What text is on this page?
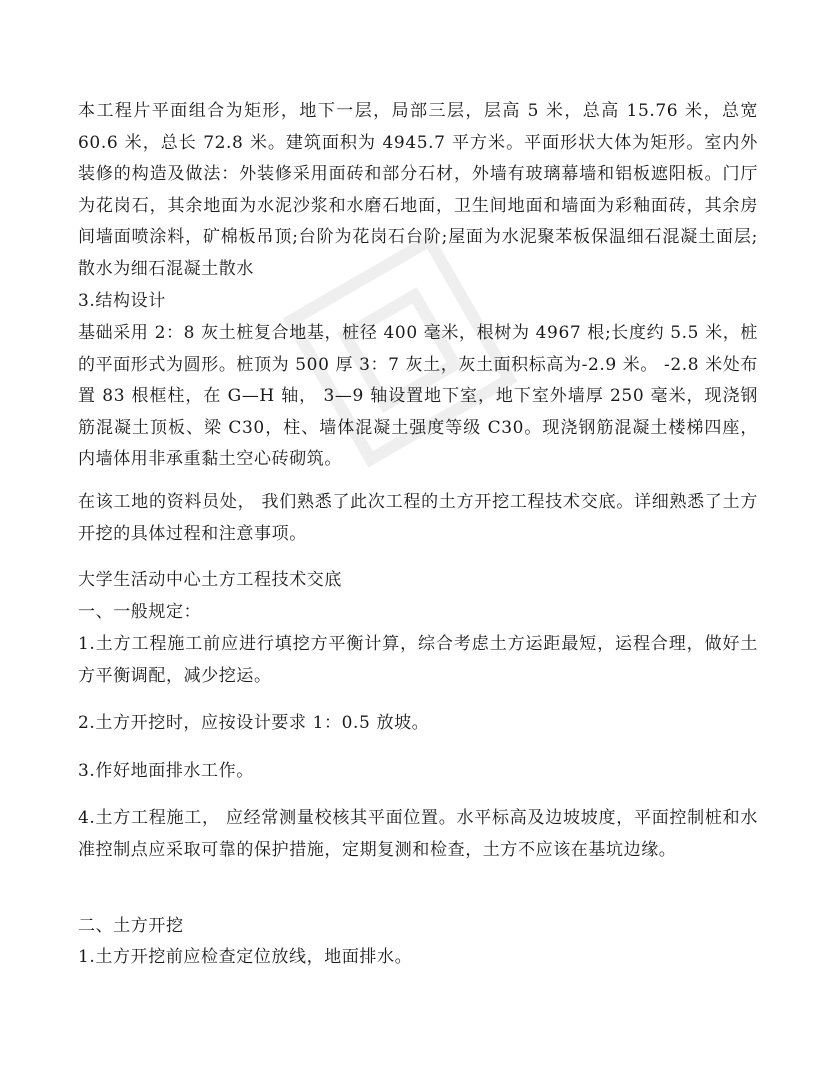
本工程片平面组合为矩形，地下一层，局部三层，层高 5 米，总高 15.76 米，总宽 60.6 米，总长 72.8 米。建筑面积为 4945.7 平方米。平面形状大体为矩形。室内外装修的构造及做法：外装修采用面砖和部分石材，外墙有玻璃幕墙和铝板遮阳板。门厅为花岗石，其余地面为水泥沙浆和水磨石地面，卫生间地面和墙面为彩釉面砖，其余房间墙面喷涂料，矿棉板吊顶;台阶为花岗石台阶;屋面为水泥聚苯板保温细石混凝土面层;散水为细石混凝土散水

3.结构设计

基础采用 2：8 灰土桩复合地基，桩径 400 毫米，根树为 4967 根;长度约 5.5 米，桩的平面形式为圆形。桩顶为 500 厚 3：7 灰土，灰土面积标高为-2.9 米。 -2.8 米处布置 83 根框柱，在 G—H 轴， 3—9 轴设置地下室，地下室外墙厚 250 毫米，现浇钢筋混凝土顶板、梁 C30，柱、墙体混凝土强度等级 C30。现浇钢筋混凝土楼梯四座，内墙体用非承重黏土空心砖砌筑。

在该工地的资料员处， 我们熟悉了此次工程的土方开挖工程技术交底。详细熟悉了土方开挖的具体过程和注意事项。

大学生活动中心土方工程技术交底

一、一般规定：

1.土方工程施工前应进行填挖方平衡计算，综合考虑土方运距最短，运程合理，做好土方平衡调配，减少挖运。

2.土方开挖时，应按设计要求 1：0.5 放坡。

3.作好地面排水工作。

4.土方工程施工， 应经常测量校核其平面位置。水平标高及边坡坡度，平面控制桩和水准控制点应采取可靠的保护措施，定期复测和检查，土方不应该在基坑边缘。

二、土方开挖

1.土方开挖前应检查定位放线，地面排水。
